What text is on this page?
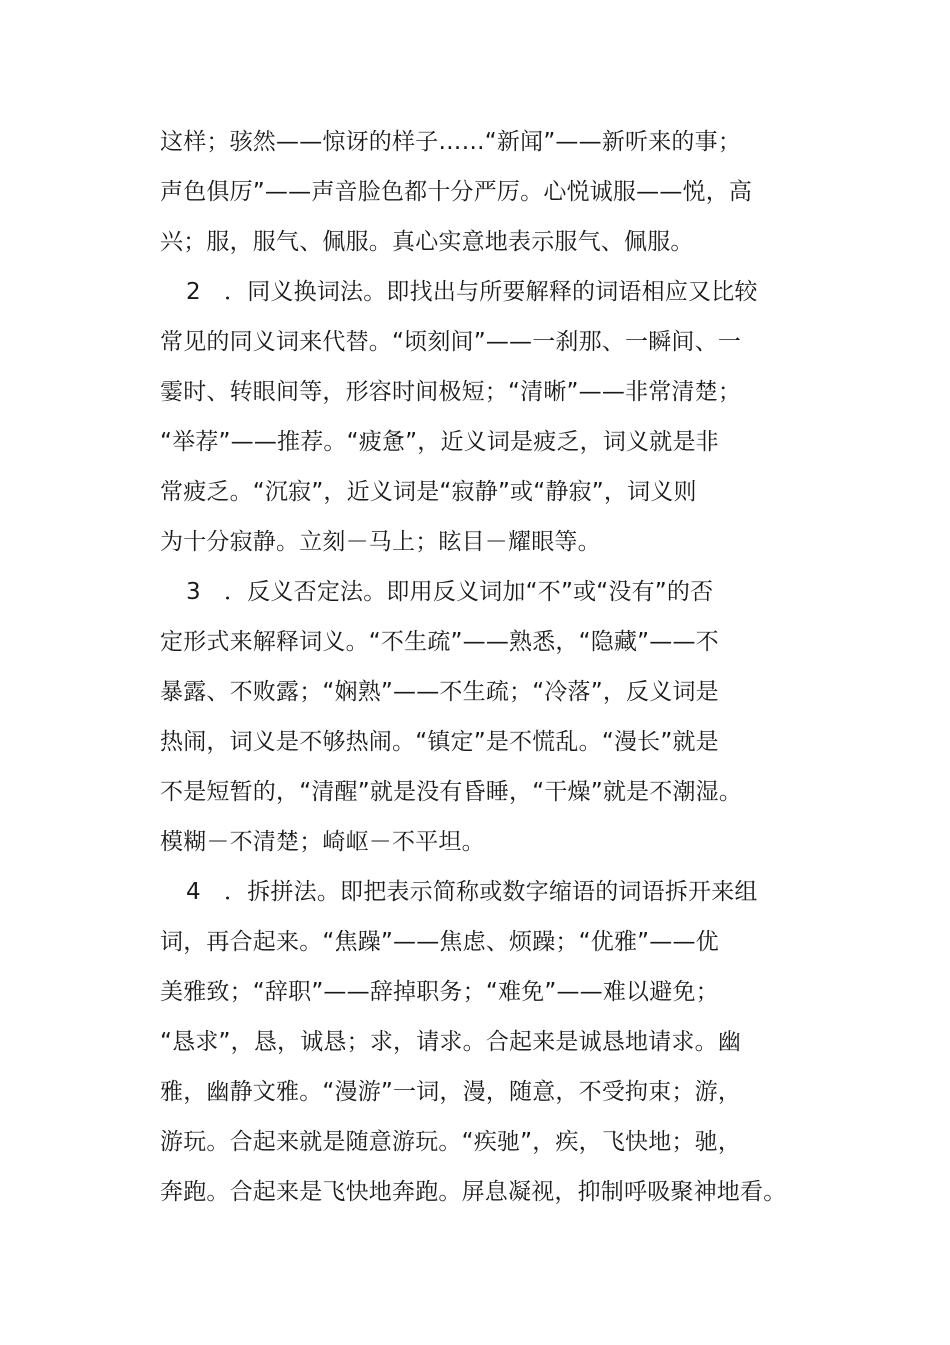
这样；骇然——惊讶的样子……“新闻”——新听来的事；
声色俱厉”——声音脸色都十分严厉。心悦诚服——悦，高
兴；服，服气、佩服。真心实意地表示服气、佩服。
2　．同义换词法。即找出与所要解释的词语相应又比较
常见的同义词来代替。“顷刻间”——一刹那、一瞬间、一
霎时、转眼间等，形容时间极短；“清晰”——非常清楚；
“举荐”——推荐。“疲惫”，近义词是疲乏，词义就是非
常疲乏。“沉寂”，近义词是“寂静”或“静寂”，词义则
为十分寂静。立刻－马上；眩目－耀眼等。
3　．反义否定法。即用反义词加“不”或“没有”的否
定形式来解释词义。“不生疏”——熟悉，“隐藏”——不
暴露、不败露；“娴熟”——不生疏；“冷落”，反义词是
热闹，词义是不够热闹。“镇定”是不慌乱。“漫长”就是
不是短暂的，“清醒”就是没有昏睡，“干燥”就是不潮湿。
模糊－不清楚；崎岖－不平坦。
4　．拆拼法。即把表示简称或数字缩语的词语拆开来组
词，再合起来。“焦躁”——焦虑、烦躁；“优雅”——优
美雅致；“辞职”——辞掉职务；“难免”——难以避免；
“恳求”，恳，诚恳；求，请求。合起来是诚恳地请求。幽
雅，幽静文雅。“漫游”一词，漫，随意，不受拘束；游，
游玩。合起来就是随意游玩。“疾驰”，疾，飞快地；驰，
奔跑。合起来是飞快地奔跑。屏息凝视，抑制呼吸聚神地看。
